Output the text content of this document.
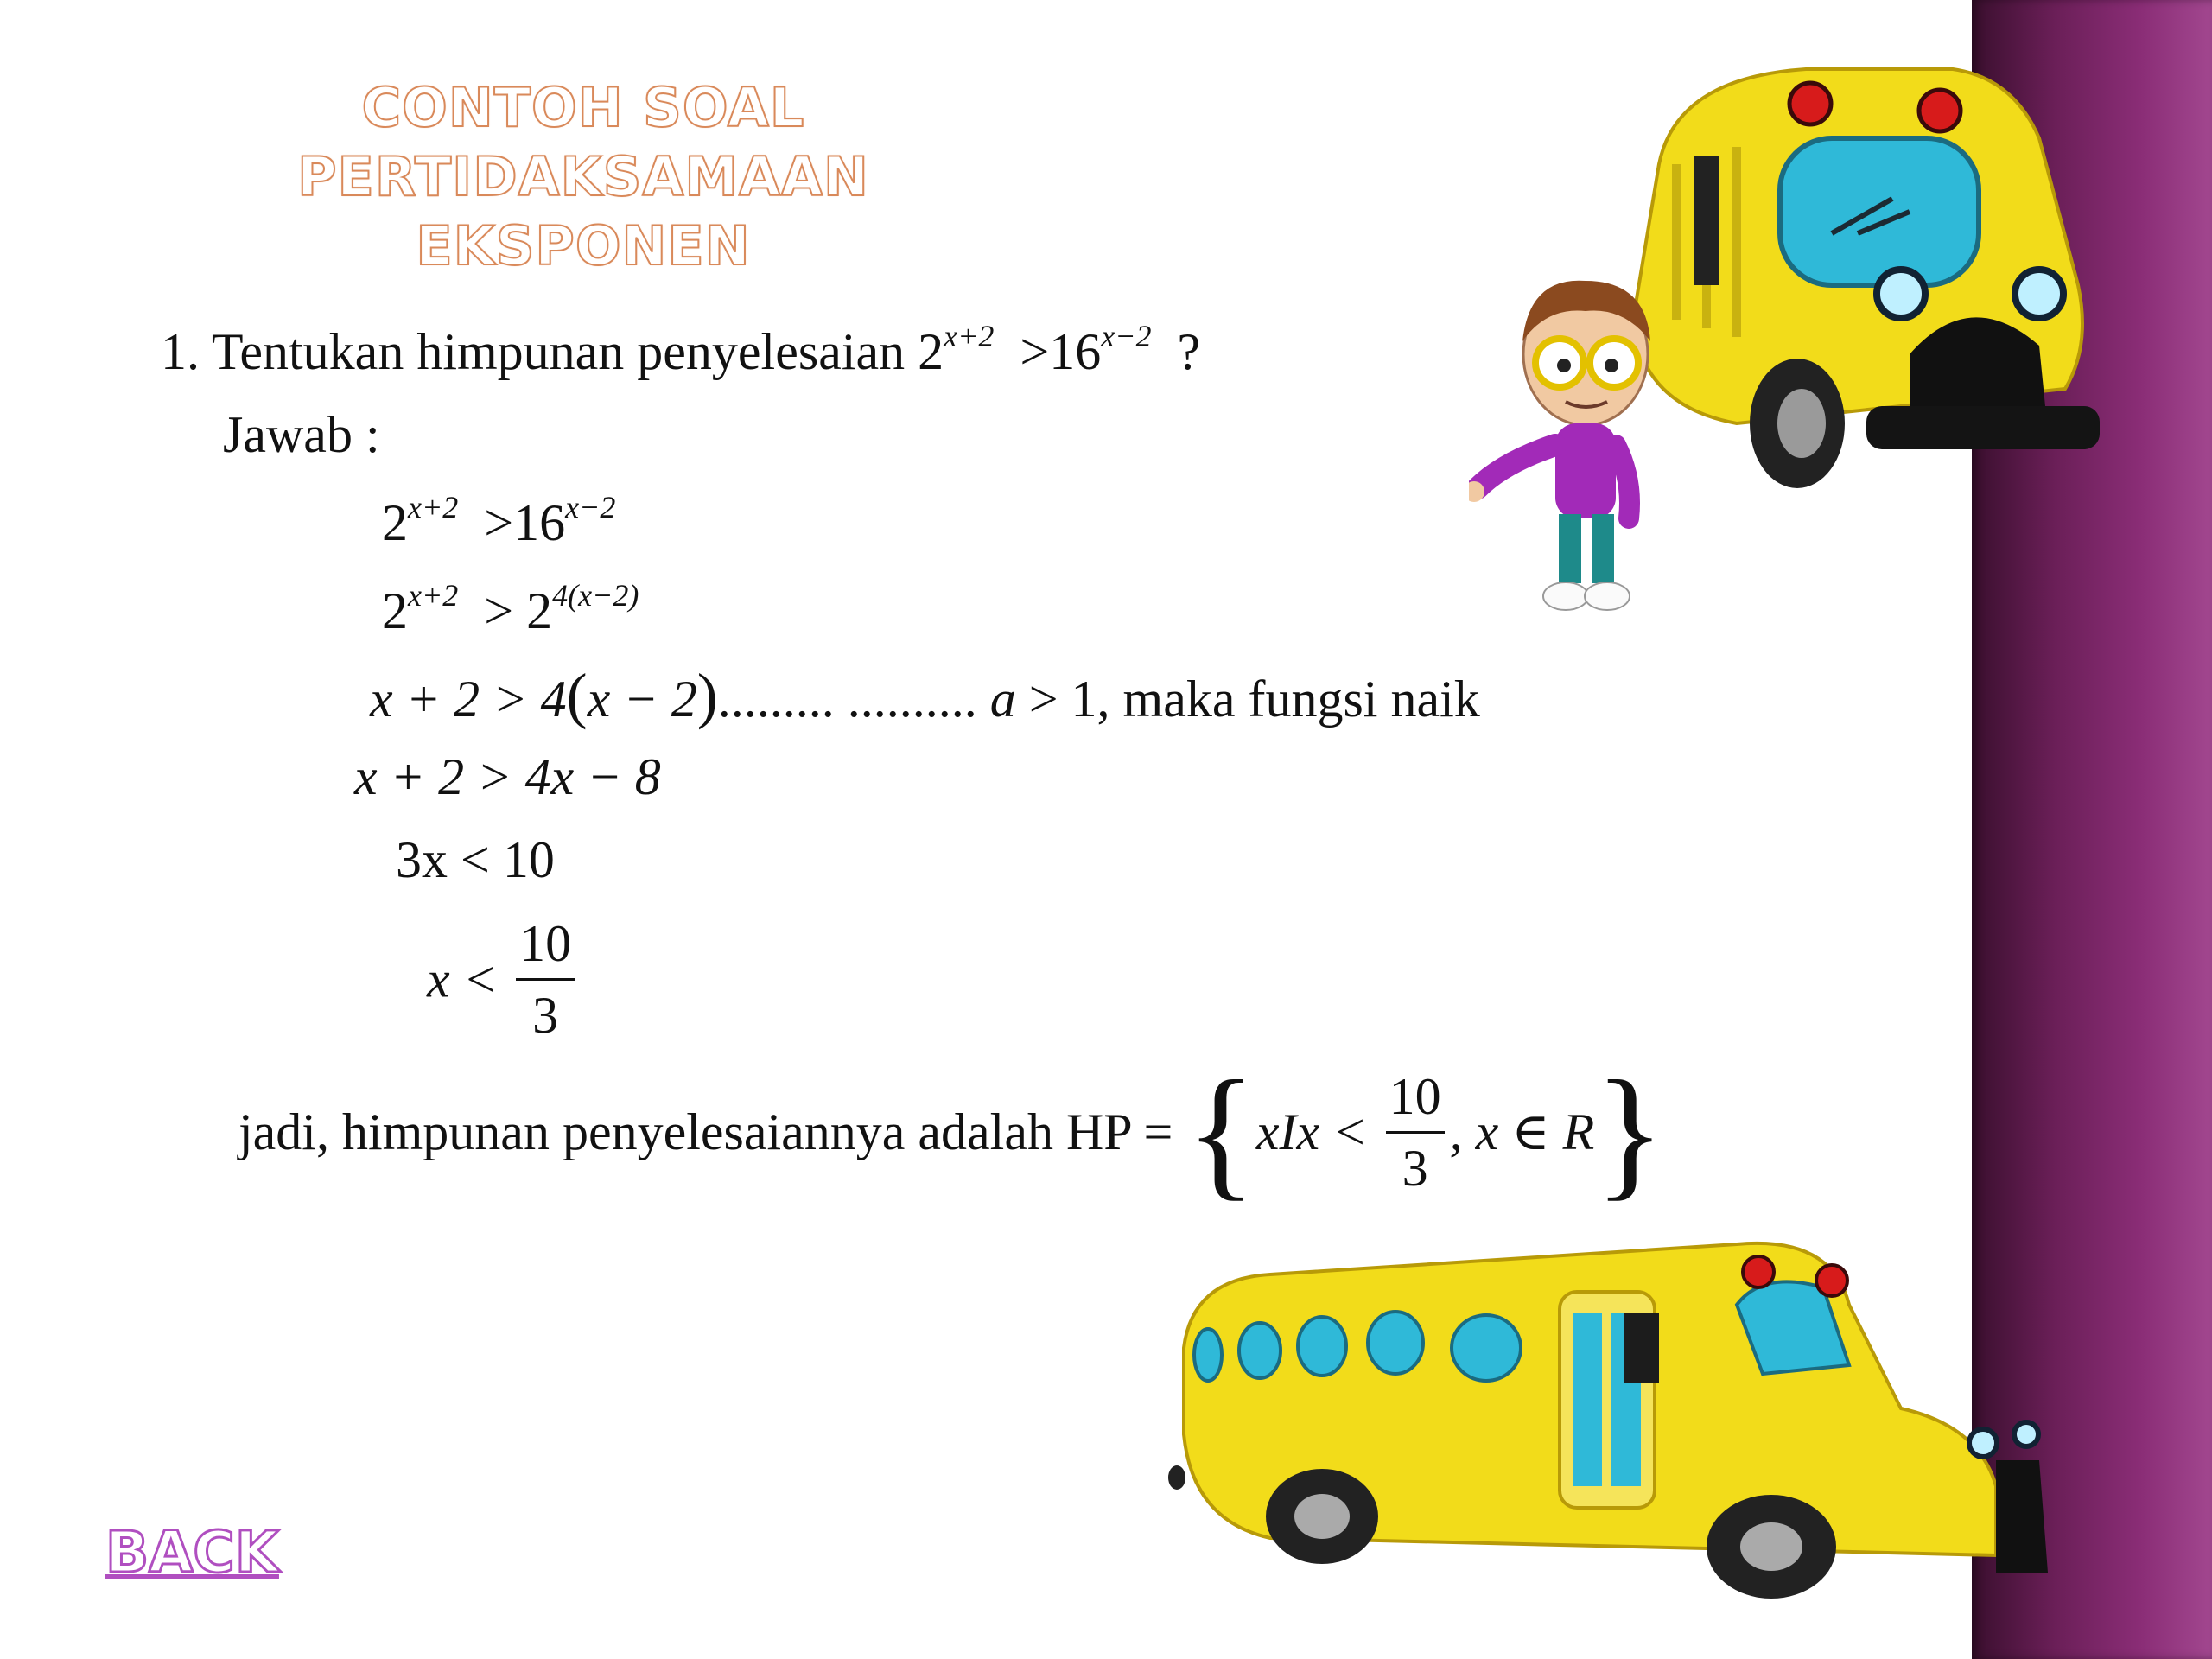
CONTOH SOAL PERTIDAKSAMAAN EKSPONEN
1. Tentukan himpunan penyelesaian $2^{x+2} >16^{x-2}$ ?
Jawab :
$2^{x+2} >16^{x-2}$
$2^{x+2} > 2^{4(x-2)}$
x + 2 > 4(x − 2)......... .......... a > 1, maka fungsi naik
x + 2 > 4x − 8
3x < 10
$x < \frac{10}{3}$
jadi, himpunan penyelesaiannya adalah HP = {$xIx < \frac{10}{3}$ , x ∈ R}
BACK
